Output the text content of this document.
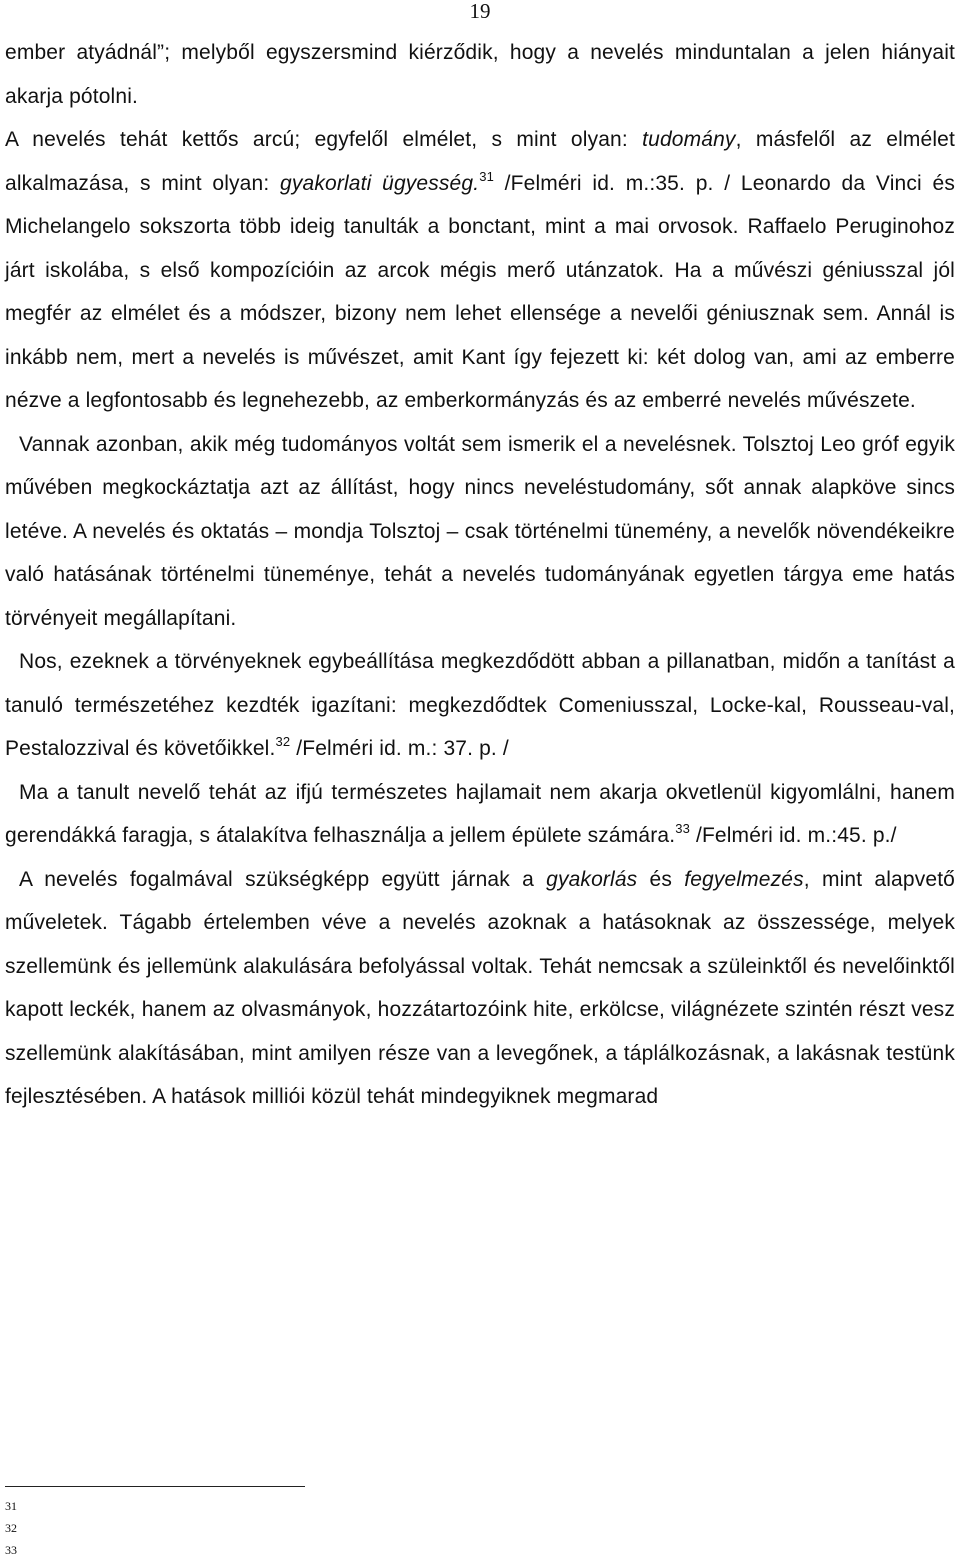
19

ember atyádnál”; melyből egyszersmind kiérződik, hogy a nevelés minduntalan a jelen hiányait akarja pótolni.

A nevelés tehát kettős arcú; egyfelől elmélet, s mint olyan: tudomány, másfelől az elmélet alkalmazása, s mint olyan: gyakorlati ügyesség.$^{31}$ /Felméri id. m.:35. p. / Leonardo da Vinci és Michelangelo sokszorta több ideig tanulták a bonctant, mint a mai orvosok. Raffaelo Peruginohoz járt iskolába, s első kompozícióin az arcok mégis merő utánzatok. Ha a művészi géniusszal jól megfér az elmélet és a módszer, bizony nem lehet ellensége a nevelői géniusznak sem. Annál is inkább nem, mert a nevelés is művészet, amit Kant így fejezett ki: két dolog van, ami az emberre nézve a legfontosabb és legnehezebb, az emberkormányzás és az emberré nevelés művészete.

Vannak azonban, akik még tudományos voltát sem ismerik el a nevelésnek. Tolsztoj Leo gróf egyik művében megkockáztatja azt az állítást, hogy nincs neveléstudomány, sőt annak alapköve sincs letéve. A nevelés és oktatás – mondja Tolsztoj – csak történelmi tünemény, a nevelők növendékeikre való hatásának történelmi tüneménye, tehát a nevelés tudományának egyetlen tárgya eme hatás törvényeit megállapítani.

Nos, ezeknek a törvényeknek egybeállítása megkezdődött abban a pillanatban, midőn a tanítást a tanuló természetéhez kezdték igazítani: megkezdődtek Comeniusszal, Locke-kal, Rousseau-val, Pestalozzival és követőikkel.$^{32}$ /Felméri id. m.: 37. p. /

Ma a tanult nevelő tehát az ifjú természetes hajlamait nem akarja okvetlenül kigyomlálni, hanem gerendákká faragja, s átalakítva felhasználja a jellem épülete számára.$^{33}$ /Felméri id. m.:45. p./

A nevelés fogalmával szükségképp együtt járnak a gyakorlás és fegyelmezés, mint alapvető műveletek. Tágabb értelemben véve a nevelés azoknak a hatásoknak az összessége, melyek szellemünk és jellemünk alakulására befolyással voltak. Tehát nemcsak a szüleinktől és nevelőinktől kapott leckék, hanem az olvasmányok, hozzátartozóink hite, erkölcse, világnézete szintén részt vesz szellemünk alakításában, mint amilyen része van a levegőnek, a táplálkozásnak, a lakásnak testünk fejlesztésében. A hatások milliói közül tehát mindegyiknek megmarad

31
32
33
